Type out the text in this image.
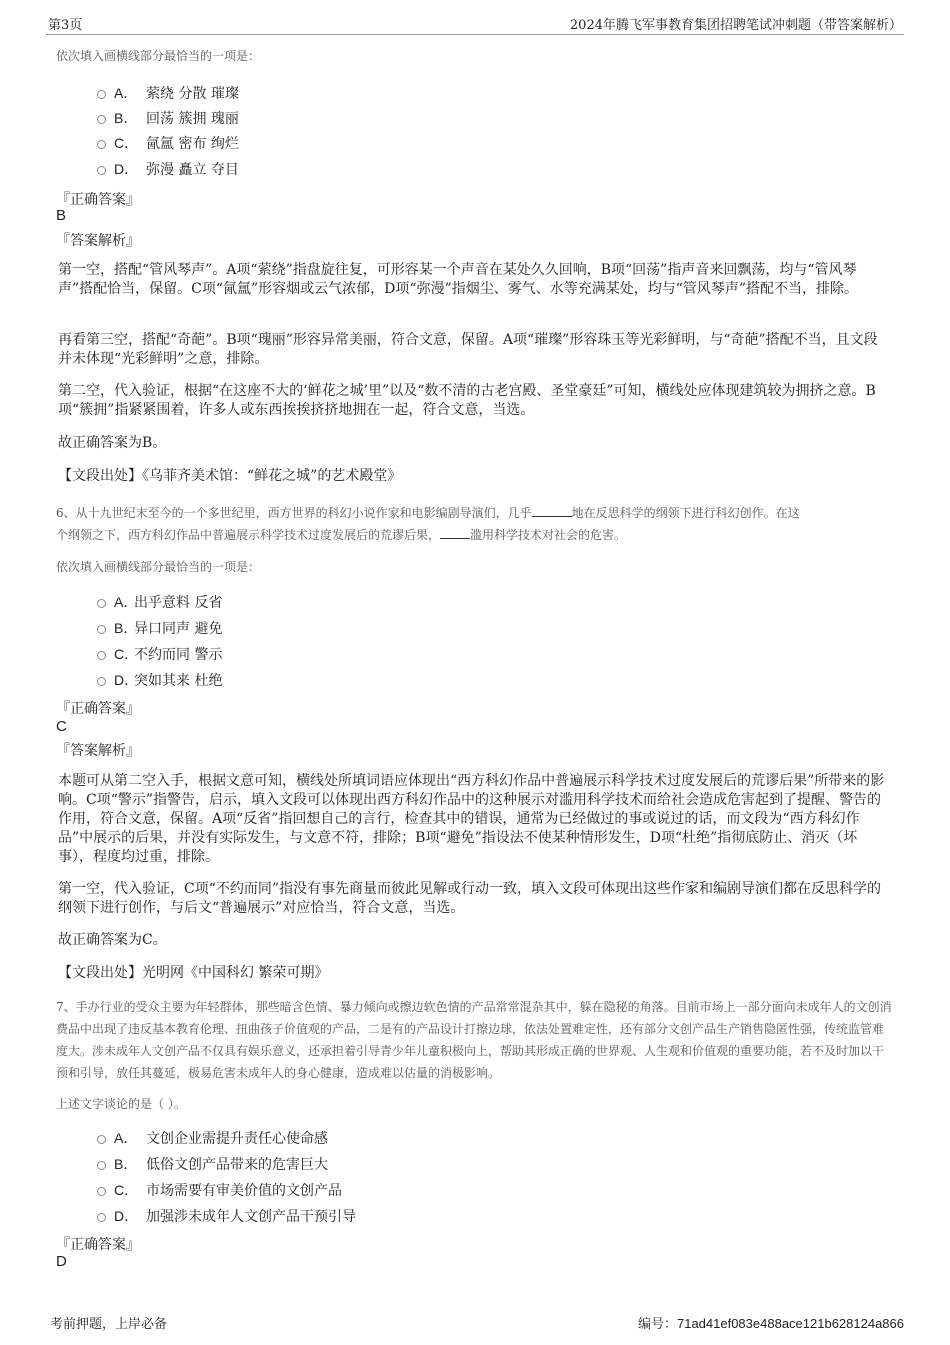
第3页	2024年腾飞军事教育集团招聘笔试冲刺题（带答案解析）
依次填入画横线部分最恰当的一项是：
A． 萦绕 分散 璀璨
B． 回荡 簇拥 瑰丽
C． 氤氲 密布 绚烂
D． 弥漫 矗立 夺目
『正确答案』
B
『答案解析』
第一空，搭配“管风琴声”。A项“萦绕”指盘旋往复，可形容某一个声音在某处久久回响，B项“回荡”指声音来回飘荡，均与“管风琴声”搭配恰当，保留。C项“氤氲”形容烟或云气浓郁，D项“弥漫”指烟尘、雾气、水等充满某处，均与“管风琴声”搭配不当，排除。
再看第三空，搭配“奇葩”。B项“瑰丽”形容异常美丽，符合文意，保留。A项“璀璨”形容珠玉等光彩鲜明，与“奇葩”搭配不当，且文段并未体现“光彩鲜明”之意，排除。
第二空，代入验证，根据“在这座不大的‘鲜花之城’里”以及“数不清的古老宫殿、圣堂豪廷”可知，横线处应体现建筑较为拥挤之意。B项“簇拥”指紧紧围着，许多人或东西挨挨挤挤地拥在一起，符合文意，当选。
故正确答案为B。
【文段出处】《乌菲齐美术馆：“鲜花之城”的艺术殿堂》
6、从十九世纪末至今的一个多世纪里，西方世界的科幻小说作家和电影编剧导演们，几乎	地在反思科学的纲领下进行科幻创作。在这
个纲领之下，西方科幻作品中普遍展示科学技术过度发展后的荒谬后果，	滥用科学技术对社会的危害。
依次填入画横线部分最恰当的一项是：
A．出乎意料 反省
B．异口同声 避免
C．不约而同 警示
D．突如其来 杜绝
『正确答案』
C
『答案解析』
本题可从第二空入手，根据文意可知，横线处所填词语应体现出“西方科幻作品中普遍展示科学技术过度发展后的荒谬后果”所带来的影响。C项“警示”指警告，启示，填入文段可以体现出西方科幻作品中的这种展示对滥用科学技术而给社会造成危害起到了提醒、警告的作用，符合文意，保留。A项“反省”指回想自己的言行，检查其中的错误，通常为已经做过的事或说过的话，而文段为“西方科幻作品”中展示的后果，并没有实际发生，与文意不符，排除；B项“避免”指设法不使某种情形发生，D项“杜绝”指彻底防止、消灭（坏事），程度均过重，排除。
第一空，代入验证，C项“不约而同”指没有事先商量而彼此见解或行动一致，填入文段可体现出这些作家和编剧导演们都在反思科学的纲领下进行创作，与后文“普遍展示”对应恰当，符合文意，当选。
故正确答案为C。
【文段出处】光明网《中国科幻 繁荣可期》
7、手办行业的受众主要为年轻群体，那些暗含色情、暴力倾向或擦边软色情的产品常常混杂其中，躲在隐秘的角落。目前市场上一部分面向未成年人的文创消费品中出现了违反基本教育伦理、扭曲孩子价值观的产品，二是有的产品设计打擦边球，依法处置难定性，还有部分文创产品生产销售隐匿性强，传统监管难度大。涉未成年人文创产品不仅具有娱乐意义，还承担着引导青少年儿童积极向上，帮助其形成正确的世界观、人生观和价值观的重要功能，若不及时加以干预和引导，放任其蔓延，极易危害未成年人的身心健康，造成难以估量的消极影响。
上述文字谈论的是（ ）。
A． 文创企业需提升责任心使命感
B． 低俗文创产品带来的危害巨大
C． 市场需要有审美价值的文创产品
D． 加强涉未成年人文创产品干预引导
『正确答案』
D
考前押题，上岸必备	编号：71ad41ef083e488ace121b628124a866
